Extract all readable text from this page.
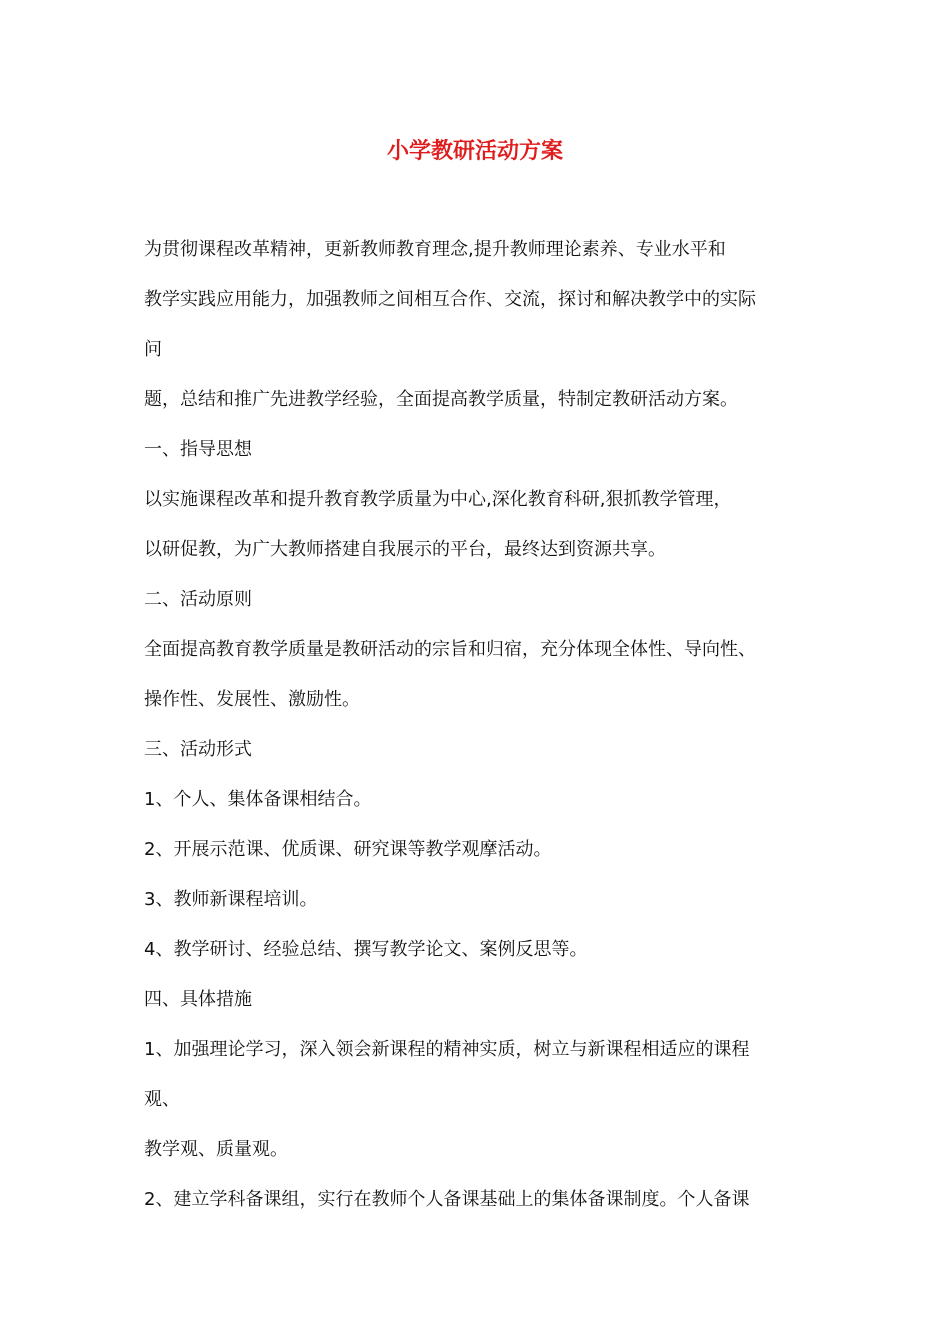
小学教研活动方案
为贯彻课程改革精神，更新教师教育理念,提升教师理论素养、专业水平和
教学实践应用能力，加强教师之间相互合作、交流，探讨和解决教学中的实际
问
题，总结和推广先进教学经验，全面提高教学质量，特制定教研活动方案。
一、指导思想
以实施课程改革和提升教育教学质量为中心,深化教育科研,狠抓教学管理，
以研促教，为广大教师搭建自我展示的平台，最终达到资源共享。
二、活动原则
全面提高教育教学质量是教研活动的宗旨和归宿，充分体现全体性、导向性、
操作性、发展性、激励性。
三、活动形式
1、个人、集体备课相结合。
2、开展示范课、优质课、研究课等教学观摩活动。
3、教师新课程培训。
4、教学研讨、经验总结、撰写教学论文、案例反思等。
四、具体措施
1、加强理论学习，深入领会新课程的精神实质，树立与新课程相适应的课程
观、
教学观、质量观。
2、建立学科备课组，实行在教师个人备课基础上的集体备课制度。个人备课
